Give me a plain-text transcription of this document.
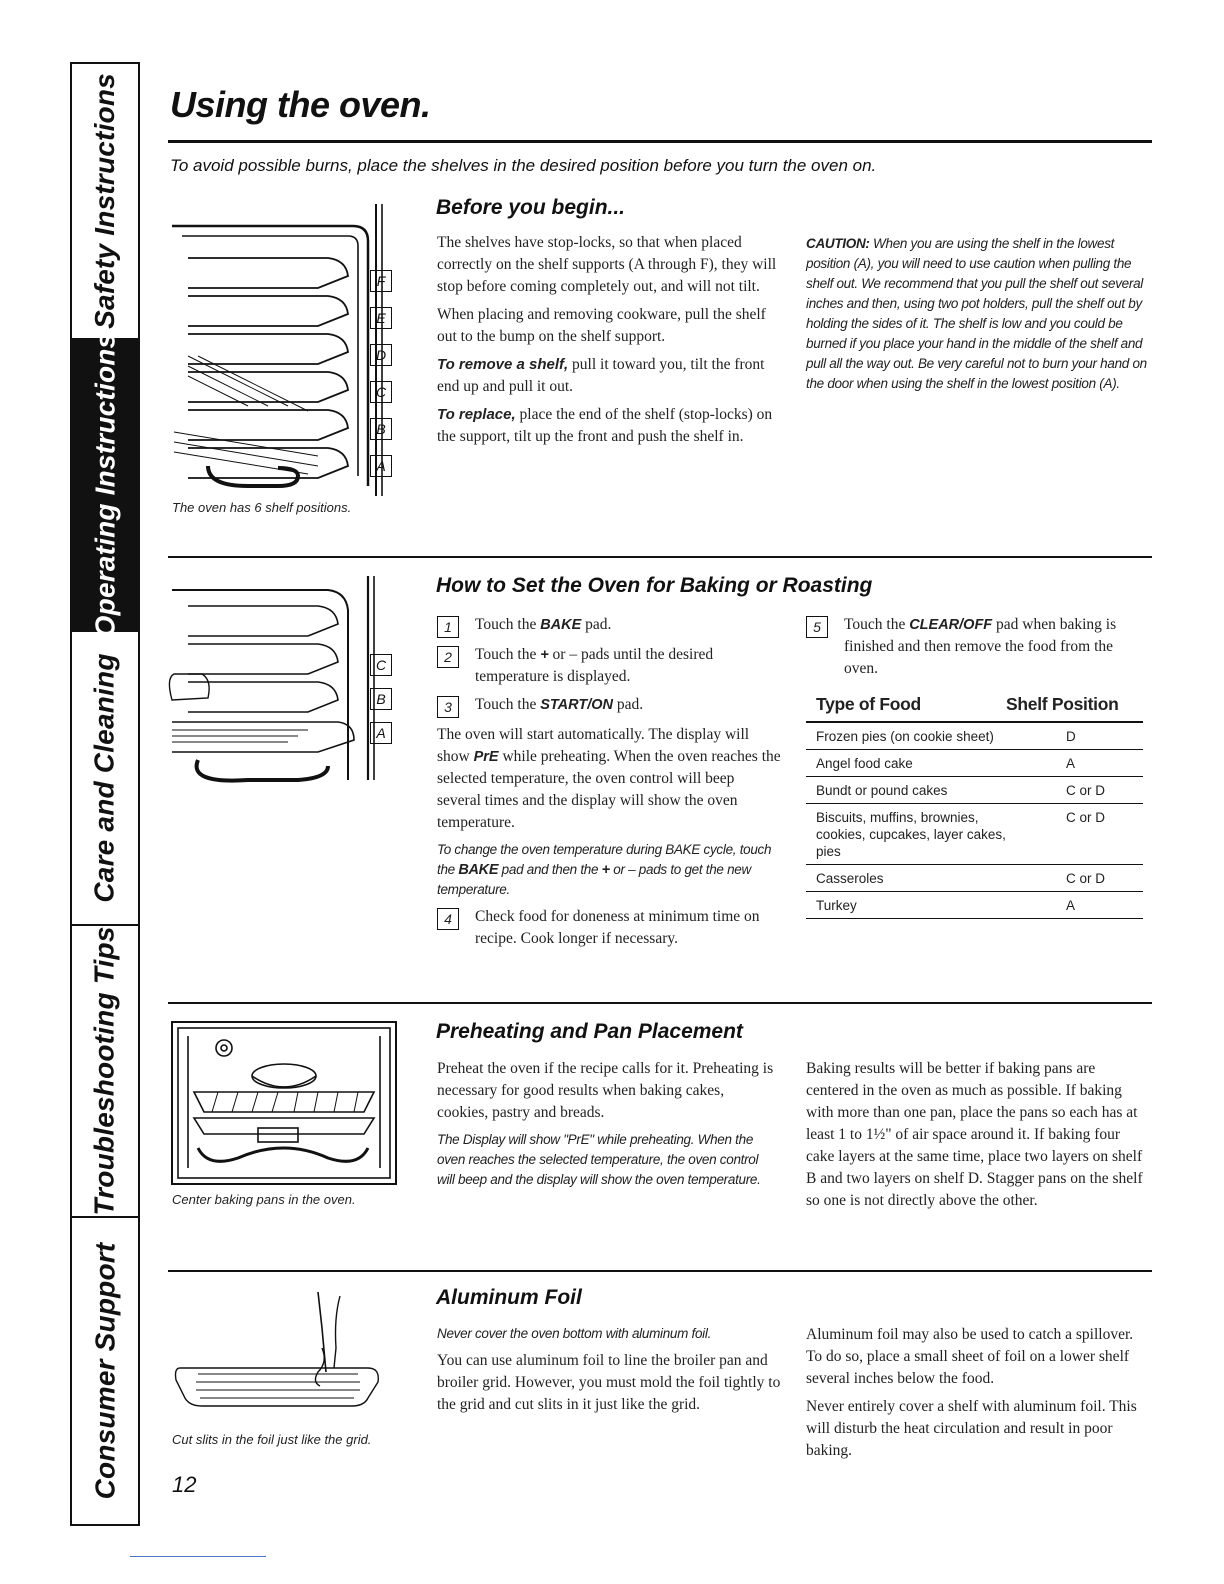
Safety Instructions
Operating Instructions
Care and Cleaning
Troubleshooting Tips
Consumer Support
Using the oven.
To avoid possible burns, place the shelves in the desired position before you turn the oven on.
F
E
D
C
B
A
The oven has 6 shelf positions.
Before you begin...

The shelves have stop-locks, so that when placed correctly on the shelf supports (A through F), they will stop before coming completely out, and will not tilt.

When placing and removing cookware, pull the shelf out to the bump on the shelf support.

To remove a shelf, pull it toward you, tilt the front end up and pull it out.

To replace, place the end of the shelf (stop-locks) on the support, tilt up the front and push the shelf in.

CAUTION: When you are using the shelf in the lowest position (A), you will need to use caution when pulling the shelf out. We recommend that you pull the shelf out several inches and then, using two pot holders, pull the shelf out by holding the sides of it. The shelf is low and you could be burned if you place your hand in the middle of the shelf and pull all the way out. Be very careful not to burn your hand on the door when using the shelf in the lowest position (A).
C
B
A
How to Set the Oven for Baking or Roasting
1	Touch the BAKE pad.
2	Touch the + or – pads until the desired temperature is displayed.
3	Touch the START/ON pad.

The oven will start automatically. The display will show PrE while preheating. When the oven reaches the selected temperature, the oven control will beep several times and the display will show the oven temperature.

To change the oven temperature during BAKE cycle, touch the BAKE pad and then the + or – pads to get the new temperature.

4	Check food for doneness at minimum time on recipe. Cook longer if necessary.
5	Touch the CLEAR/OFF pad when baking is finished and then remove the food from the oven.
Type of Food	Shelf Position
Frozen pies (on cookie sheet)	D
Angel food cake	A
Bundt or pound cakes	C or D
Biscuits, muffins, brownies, cookies, cupcakes, layer cakes, pies	C or D
Casseroles	C or D
Turkey	A
Center baking pans in the oven.
Preheating and Pan Placement

Preheat the oven if the recipe calls for it. Preheating is necessary for good results when baking cakes, cookies, pastry and breads.

The Display will show "PrE" while preheating. When the oven reaches the selected temperature, the oven control will beep and the display will show the oven temperature.

Baking results will be better if baking pans are centered in the oven as much as possible. If baking with more than one pan, place the pans so each has at least 1 to 1½" of air space around it. If baking four cake layers at the same time, place two layers on shelf B and two layers on shelf D. Stagger pans on the shelf so one is not directly above the other.

Cut slits in the foil just like the grid.
Aluminum Foil

Never cover the oven bottom with aluminum foil.

You can use aluminum foil to line the broiler pan and broiler grid. However, you must mold the foil tightly to the grid and cut slits in it just like the grid.

Aluminum foil may also be used to catch a spillover. To do so, place a small sheet of foil on a lower shelf several inches below the food.

Never entirely cover a shelf with aluminum foil. This will disturb the heat circulation and result in poor baking.

12
